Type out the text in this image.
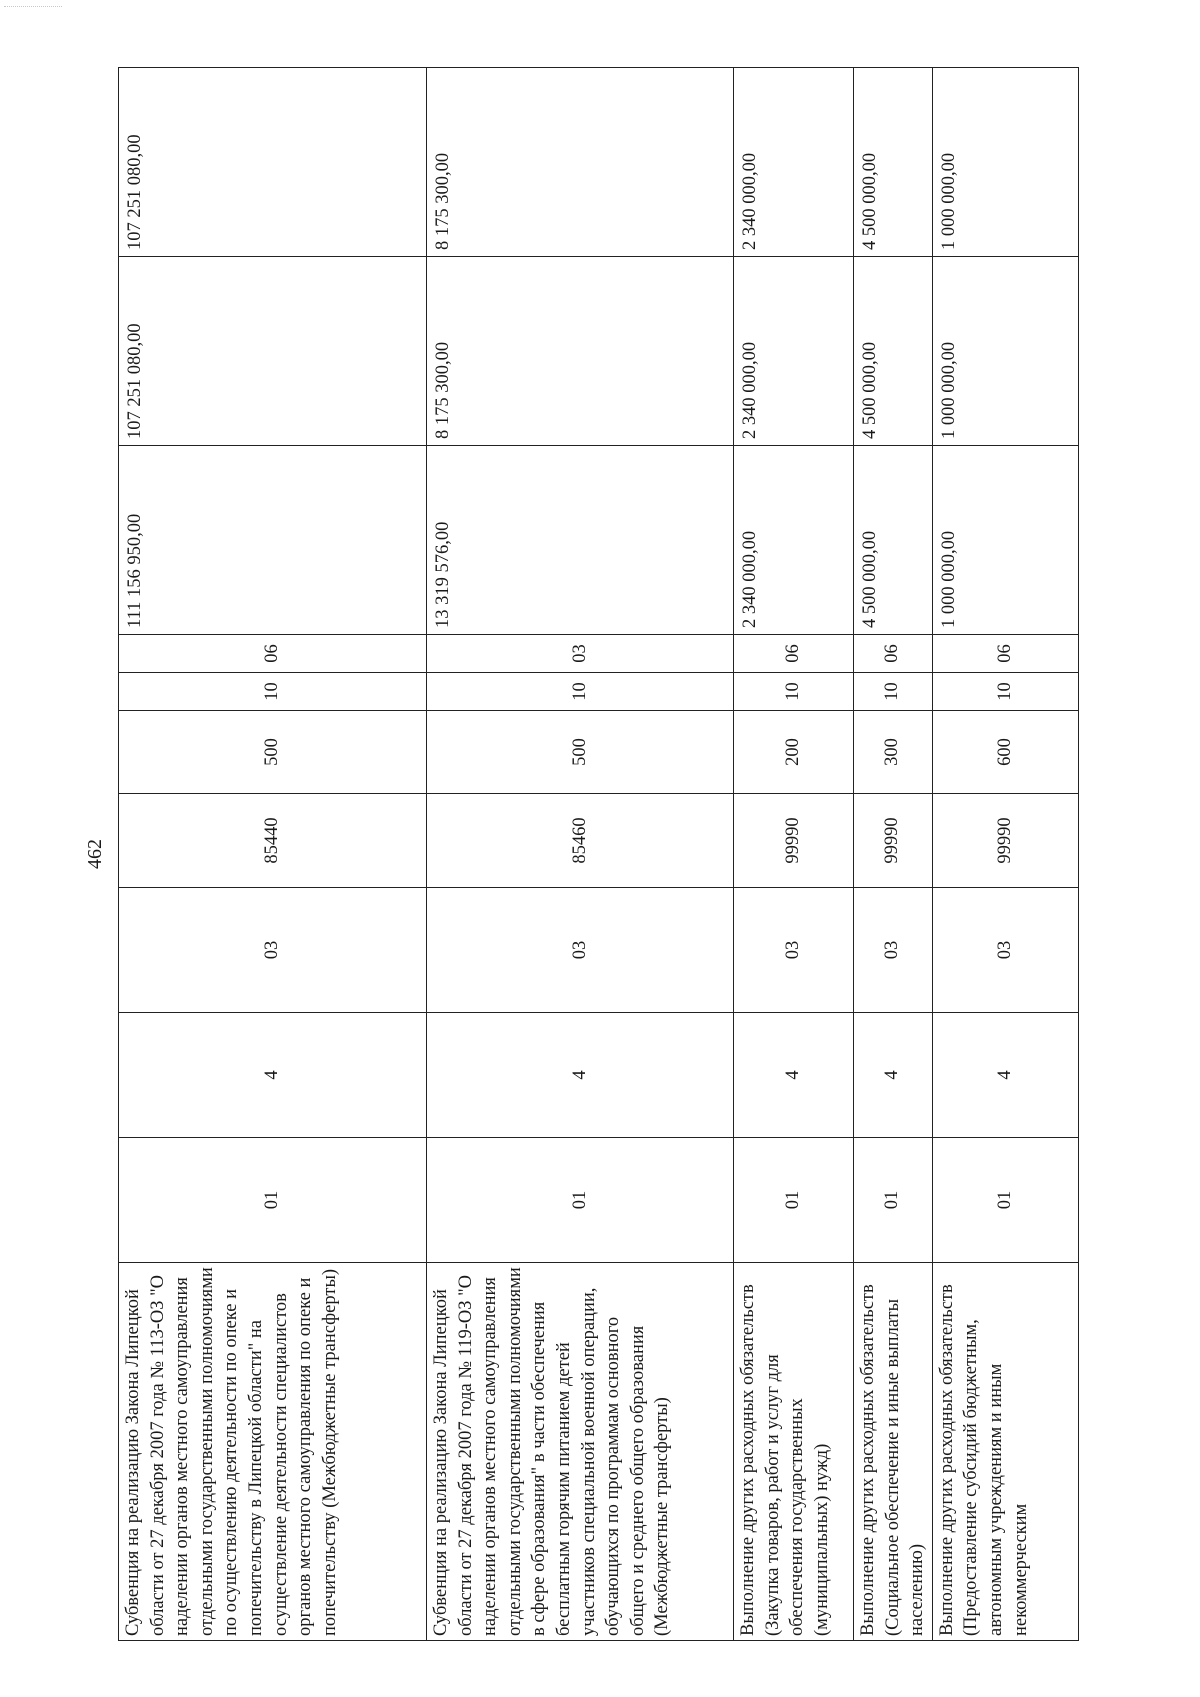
462
Субвенция на реализацию Закона Липецкой области от 27 декабря 2007 года № 113-ОЗ "О наделении органов местного самоуправления отдельными государственными полномочиями по осуществлению деятельности по опеке и попечительству в Липецкой области" на осуществление деятельности специалистов органов местного самоуправления по опеке и попечительству (Межбюджетные трансферты)	01	4	03	85440	500	10	06	111 156 950,00	107 251 080,00	107 251 080,00
Субвенция на реализацию Закона Липецкой области от 27 декабря 2007 года № 119-ОЗ "О наделении органов местного самоуправления отдельными государственными полномочиями в сфере образования" в части обеспечения бесплатным горячим питанием детей участников специальной военной операции, обучающихся по программам основного общего и среднего общего образования (Межбюджетные трансферты)	01	4	03	85460	500	10	03	13 319 576,00	8 175 300,00	8 175 300,00
Выполнение других расходных обязательств (Закупка товаров, работ и услуг для обеспечения государственных (муниципальных) нужд)	01	4	03	99990	200	10	06	2 340 000,00	2 340 000,00	2 340 000,00
Выполнение других расходных обязательств (Социальное обеспечение и иные выплаты населению)	01	4	03	99990	300	10	06	4 500 000,00	4 500 000,00	4 500 000,00
Выполнение других расходных обязательств (Предоставление субсидий бюджетным, автономным учреждениям и иным некоммерческим	01	4	03	99990	600	10	06	1 000 000,00	1 000 000,00	1 000 000,00
